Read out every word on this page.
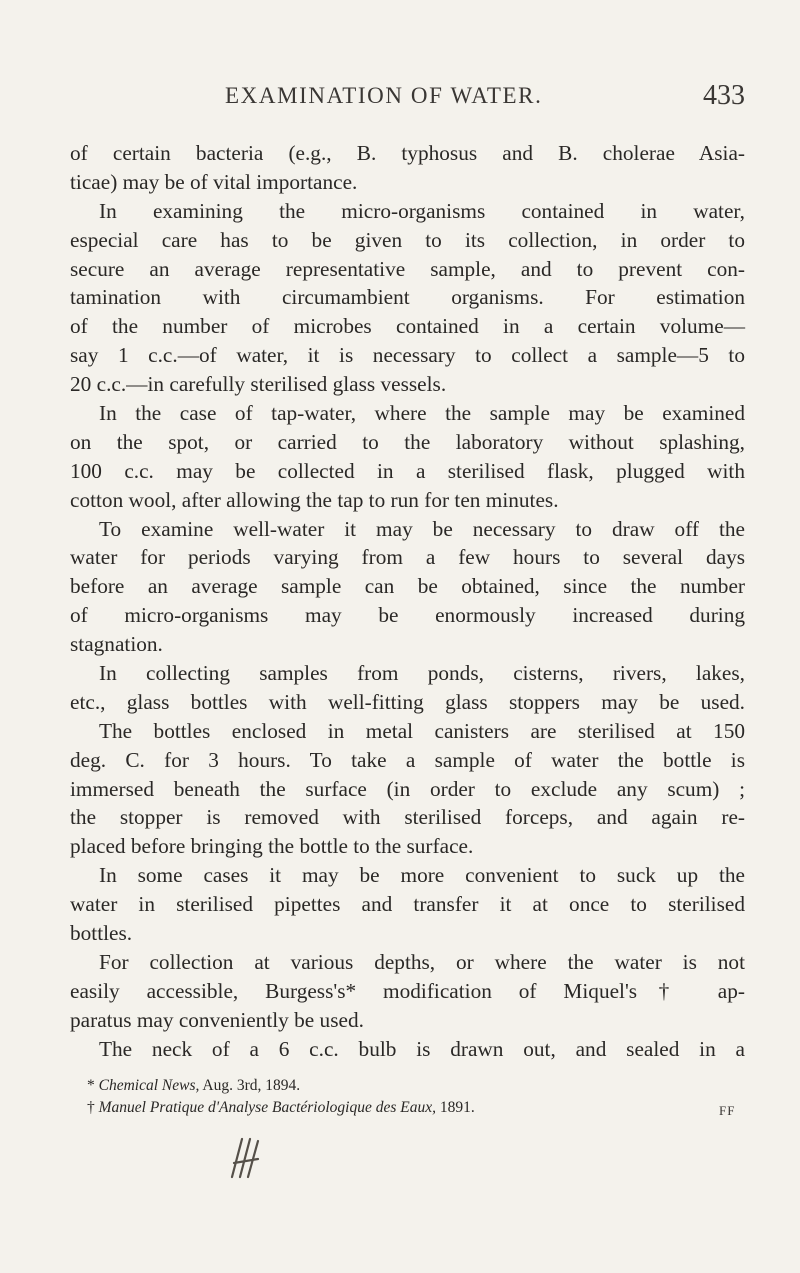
EXAMINATION OF WATER.	433
of certain bacteria (e.g., B. typhosus and B. cholerae Asia-
ticae) may be of vital importance.
In examining the micro-organisms contained in water,
especial care has to be given to its collection, in order to
secure an average representative sample, and to prevent con-
tamination with circumambient organisms. For estimation
of the number of microbes contained in a certain volume—
say 1 c.c.—of water, it is necessary to collect a sample—5 to
20 c.c.—in carefully sterilised glass vessels.
In the case of tap-water, where the sample may be examined
on the spot, or carried to the laboratory without splashing,
100 c.c. may be collected in a sterilised flask, plugged with
cotton wool, after allowing the tap to run for ten minutes.
To examine well-water it may be necessary to draw off the
water for periods varying from a few hours to several days
before an average sample can be obtained, since the number
of micro-organisms may be enormously increased during
stagnation.
In collecting samples from ponds, cisterns, rivers, lakes,
etc., glass bottles with well-fitting glass stoppers may be used.
The bottles enclosed in metal canisters are sterilised at 150
deg. C. for 3 hours. To take a sample of water the bottle is
immersed beneath the surface (in order to exclude any scum) ;
the stopper is removed with sterilised forceps, and again re-
placed before bringing the bottle to the surface.
In some cases it may be more convenient to suck up the
water in sterilised pipettes and transfer it at once to sterilised
bottles.
For collection at various depths, or where the water is not
easily accessible, Burgess's* modification of Miquel's† ap-
paratus may conveniently be used.
The neck of a 6 c.c. bulb is drawn out, and sealed in a
* Chemical News, Aug. 3rd, 1894.
† Manuel Pratique d'Analyse Bactériologique des Eaux, 1891.	FF
